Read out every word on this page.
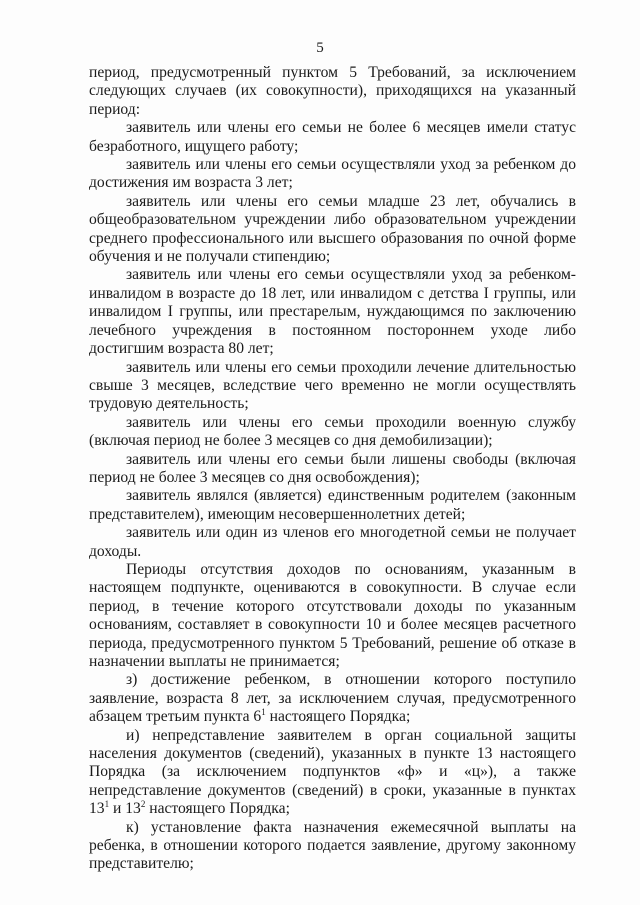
5

период, предусмотренный пунктом 5 Требований, за исключением следующих случаев (их совокупности), приходящихся на указанный период:

заявитель или члены его семьи не более 6 месяцев имели статус безработного, ищущего работу;

заявитель или члены его семьи осуществляли уход за ребенком до достижения им возраста 3 лет;

заявитель или члены его семьи младше 23 лет, обучались в общеобразовательном учреждении либо образовательном учреждении среднего профессионального или высшего образования по очной форме обучения и не получали стипендию;

заявитель или члены его семьи осуществляли уход за ребенком-инвалидом в возрасте до 18 лет, или инвалидом с детства I группы, или инвалидом I группы, или престарелым, нуждающимся по заключению лечебного учреждения в постоянном постороннем уходе либо достигшим возраста 80 лет;

заявитель или члены его семьи проходили лечение длительностью свыше 3 месяцев, вследствие чего временно не могли осуществлять трудовую деятельность;

заявитель или члены его семьи проходили военную службу (включая период не более 3 месяцев со дня демобилизации);

заявитель или члены его семьи были лишены свободы (включая период не более 3 месяцев со дня освобождения);

заявитель являлся (является) единственным родителем (законным представителем), имеющим несовершеннолетних детей;

заявитель или один из членов его многодетной семьи не получает доходы.

Периоды отсутствия доходов по основаниям, указанным в настоящем подпункте, оцениваются в совокупности. В случае если период, в течение которого отсутствовали доходы по указанным основаниям, составляет в совокупности 10 и более месяцев расчетного периода, предусмотренного пунктом 5 Требований, решение об отказе в назначении выплаты не принимается;

з) достижение ребенком, в отношении которого поступило заявление, возраста 8 лет, за исключением случая, предусмотренного абзацем третьим пункта $6^1$ настоящего Порядка;

и) непредставление заявителем в орган социальной защиты населения документов (сведений), указанных в пункте 13 настоящего Порядка (за исключением подпунктов «ф» и «ц»), а также непредставление документов (сведений) в сроки, указанные в пунктах $13^1$ и $13^2$ настоящего Порядка;

к) установление факта назначения ежемесячной выплаты на ребенка, в отношении которого подается заявление, другому законному представителю;
